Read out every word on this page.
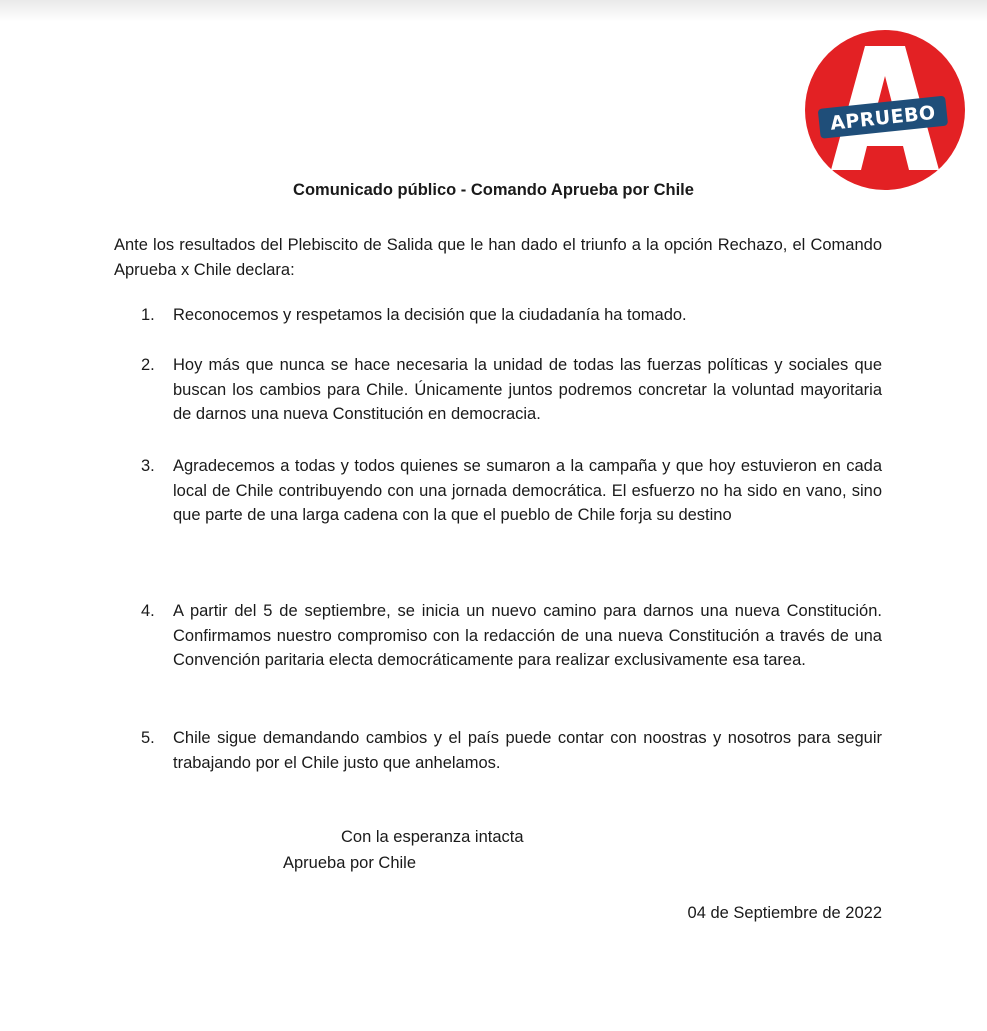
APRUEBO
Comunicado público - Comando Aprueba por Chile
Ante los resultados del Plebiscito de Salida que le han dado el triunfo a la opción Rechazo, el Comando Aprueba x Chile declara:
1.	Reconocemos y respetamos la decisión que la ciudadanía ha tomado.
2.	Hoy más que nunca se hace necesaria la unidad de todas las fuerzas políticas y sociales que buscan los cambios para Chile. Únicamente juntos podremos concretar la voluntad mayoritaria de darnos una nueva Constitución en democracia.
3.	Agradecemos a todas y todos quienes se sumaron a la campaña y que hoy estuvieron en cada local de Chile contribuyendo con una jornada democrática. El esfuerzo no ha sido en vano, sino que parte de una larga cadena con la que el pueblo de Chile forja su destino
4.	A partir del 5 de septiembre, se inicia un nuevo camino para darnos una nueva Constitución. Confirmamos nuestro compromiso con la redacción de una nueva Constitución a través de una Convención paritaria electa democráticamente para realizar exclusivamente esa tarea.
5.	Chile sigue demandando cambios y el país puede contar con noostras y nosotros para seguir trabajando por el Chile justo que anhelamos.
Con la esperanza intacta
Aprueba por Chile
04 de Septiembre de 2022
